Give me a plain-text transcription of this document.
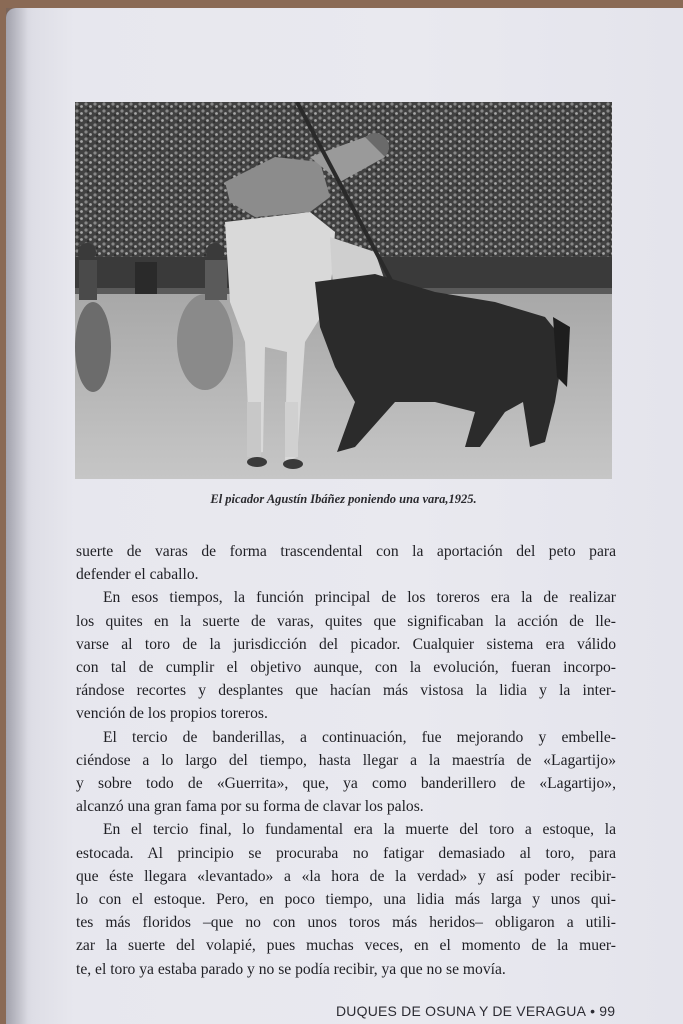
El picador Agustín Ibáñez poniendo una vara,1925.
suerte de varas de forma trascendental con la aportación del peto para
defender el caballo.
En esos tiempos, la función principal de los toreros era la de realizar
los quites en la suerte de varas, quites que significaban la acción de lle-
varse al toro de la jurisdicción del picador. Cualquier sistema era válido
con tal de cumplir el objetivo aunque, con la evolución, fueran incorpo-
rándose recortes y desplantes que hacían más vistosa la lidia y la inter-
vención de los propios toreros.
El tercio de banderillas, a continuación, fue mejorando y embelle-
ciéndose a lo largo del tiempo, hasta llegar a la maestría de «Lagartijo»
y sobre todo de «Guerrita», que, ya como banderillero de «Lagartijo»,
alcanzó una gran fama por su forma de clavar los palos.
En el tercio final, lo fundamental era la muerte del toro a estoque, la
estocada. Al principio se procuraba no fatigar demasiado al toro, para
que éste llegara «levantado» a «la hora de la verdad» y así poder recibir-
lo con el estoque. Pero, en poco tiempo, una lidia más larga y unos qui-
tes más floridos –que no con unos toros más heridos– obligaron a utili-
zar la suerte del volapié, pues muchas veces, en el momento de la muer-
te, el toro ya estaba parado y no se podía recibir, ya que no se movía.
DUQUES DE OSUNA Y DE VERAGUA • 99
